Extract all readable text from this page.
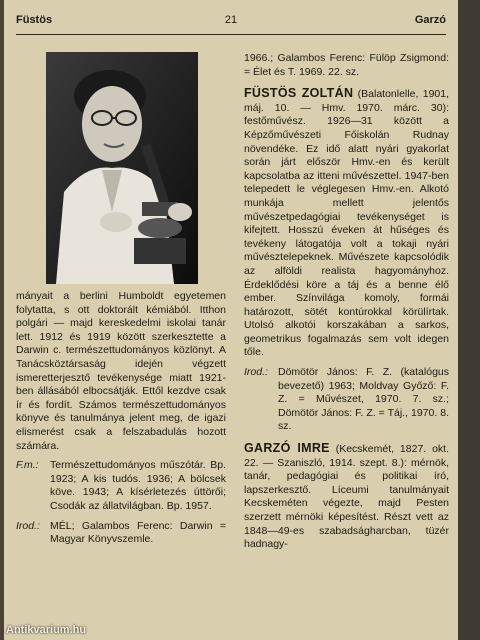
Füstös	21	Garzó

mányait a berlini Humboldt egyetemen folytatta, s ott doktorált kémiából. Itthon polgári — majd kereskedelmi iskolai tanár lett. 1912 és 1919 között szerkesztette a Darwin c. természettudományos közlönyt. A Tanácsköztársaság idején végzett ismeretterjesztő tevékenysége miatt 1921-ben állásából elbocsátják. Ettől kezdve csak ír és fordít. Számos természettudományos könyve és tanulmánya jelent meg, de igazi elismerést csak a felszabadulás hozott számára.

F.m.:	Természettudományos műszótár. Bp. 1923; A kis tudós. 1936; A bölcsek köve. 1943; A kísérletezés úttörői; Csodák az állatvilágban. Bp. 1957.
Irod.: MÉL; Galambos Ferenc: Darwin = Magyar Könyvszemle.

1966.; Galambos Ferenc: Fülöp Zsigmond: = Élet és T. 1969. 22. sz.

FÜSTÖS ZOLTÁN (Balatonlelle, 1901, máj. 10. — Hmv. 1970. márc. 30): festőművész. 1926—31 között a Képzőművészeti Főiskolán Rudnay növendéke. Ez idő alatt nyári gyakorlat során járt először Hmv.-en és került kapcsolatba az itteni művészettel. 1947-ben telepedett le véglegesen Hmv.-en. Alkotó munkája mellett jelentős művészetpedagógiai tevékenységet is kifejtett. Hosszú éveken át hűséges és tevékeny látogatója volt a tokaji nyári művésztelepeknek. Művészete kapcsolódik az alföldi realista hagyományhoz. Érdeklődési köre a táj és a benne élő ember. Színvilága komoly, formái határozott, sötét kontúrokkal körülírtak. Utolsó alkotói korszakában a sarkos, geometrikus fogalmazás sem volt idegen tőle.

Irod.: Dömötör János: F. Z. (katalógus bevezető) 1963; Moldvay Győző: F. Z. = Művészet, 1970. 7. sz.; Dömötör János: F. Z. = Táj., 1970. 8. sz.

GARZÓ IMRE (Kecskemét, 1827. okt. 22. — Szaniszló, 1914. szept. 8.): mérnök, tanár, pedagógiai és politikai író, lapszerkesztő. Líceumi tanulmányait Kecskeméten végezte, majd Pesten szerzett mérnöki képesítést. Részt vett az 1848—49-es szabadságharcban, tüzér hadnagy-

Antikvarium.hu
